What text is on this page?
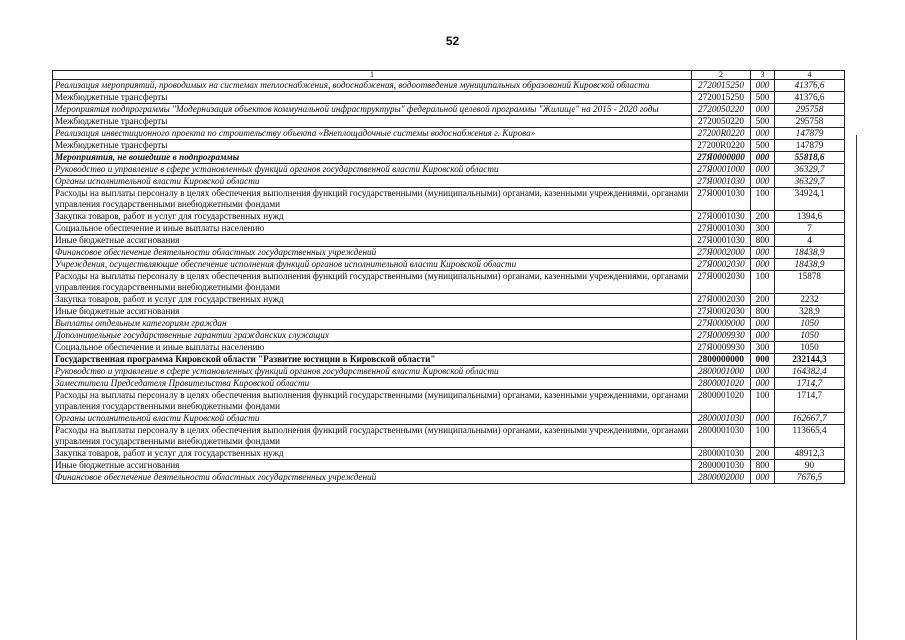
52
1	2	3	4
Реализация мероприятий, проводимых на системах теплоснабжения, водоснабжения, водоотведения муниципальных образований Кировской области	2720015250	000	41376,6
Межбюджетные трансферты	2720015250	500	41376,6
Мероприятия подпрограммы "Модернизация объектов коммунальной инфраструктуры" федеральной целевой программы "Жилище" на 2015 - 2020 годы	2720050220	000	295758
Межбюджетные трансферты	2720050220	500	295758
Реализация инвестиционного проекта по строительству объекта «Внеплощадочные системы водоснабжения г. Кирова»	27200R0220	000	147879
Межбюджетные трансферты	27200R0220	500	147879
Мероприятия, не вошедшие в подпрограммы	27Я0000000	000	55818,6
Руководство и управление в сфере установленных функций органов государственной власти Кировской области	27Я0001000	000	36329,7
Органы исполнительной власти Кировской области	27Я0001030	000	36329,7
Расходы на выплаты персоналу в целях обеспечения выполнения функций государственными (муниципальными) органами, казенными учреждениями, органами управления государственными внебюджетными фондами	27Я0001030	100	34924,1
Закупка товаров, работ и услуг для государственных нужд	27Я0001030	200	1394,6
Социальное обеспечение и иные выплаты населению	27Я0001030	300	7
Иные бюджетные ассигнования	27Я0001030	800	4
Финансовое обеспечение деятельности областных государственных учреждений	27Я0002000	000	18438,9
Учреждения, осуществляющие обеспечение исполнения функций органов исполнительной власти Кировской области	27Я0002030	000	18438,9
Расходы на выплаты персоналу в целях обеспечения выполнения функций государственными (муниципальными) органами, казенными учреждениями, органами управления государственными внебюджетными фондами	27Я0002030	100	15878
Закупка товаров, работ и услуг для государственных нужд	27Я0002030	200	2232
Иные бюджетные ассигнования	27Я0002030	800	328,9
Выплаты отдельным категориям граждан	27Я0009000	000	1050
Дополнительные государственные гарантии гражданских служащих	27Я0009930	000	1050
Социальное обеспечение и иные выплаты населению	27Я0009930	300	1050
Государственная программа Кировской области "Развитие юстиции в Кировской области"	2800000000	000	232144,3
Руководство и управление в сфере установленных функций органов государственной власти Кировской области	2800001000	000	164382,4
Заместители Председателя Правительства Кировской области	2800001020	000	1714,7
Расходы на выплаты персоналу в целях обеспечения выполнения функций государственными (муниципальными) органами, казенными учреждениями, органами управления государственными внебюджетными фондами	2800001020	100	1714,7
Органы исполнительной власти Кировской области	2800001030	000	162667,7
Расходы на выплаты персоналу в целях обеспечения выполнения функций государственными (муниципальными) органами, казенными учреждениями, органами управления государственными внебюджетными фондами	2800001030	100	113665,4
Закупка товаров, работ и услуг для государственных нужд	2800001030	200	48912,3
Иные бюджетные ассигнования	2800001030	800	90
Финансовое обеспечение деятельности областных государственных учреждений	2800002000	000	7676,5
